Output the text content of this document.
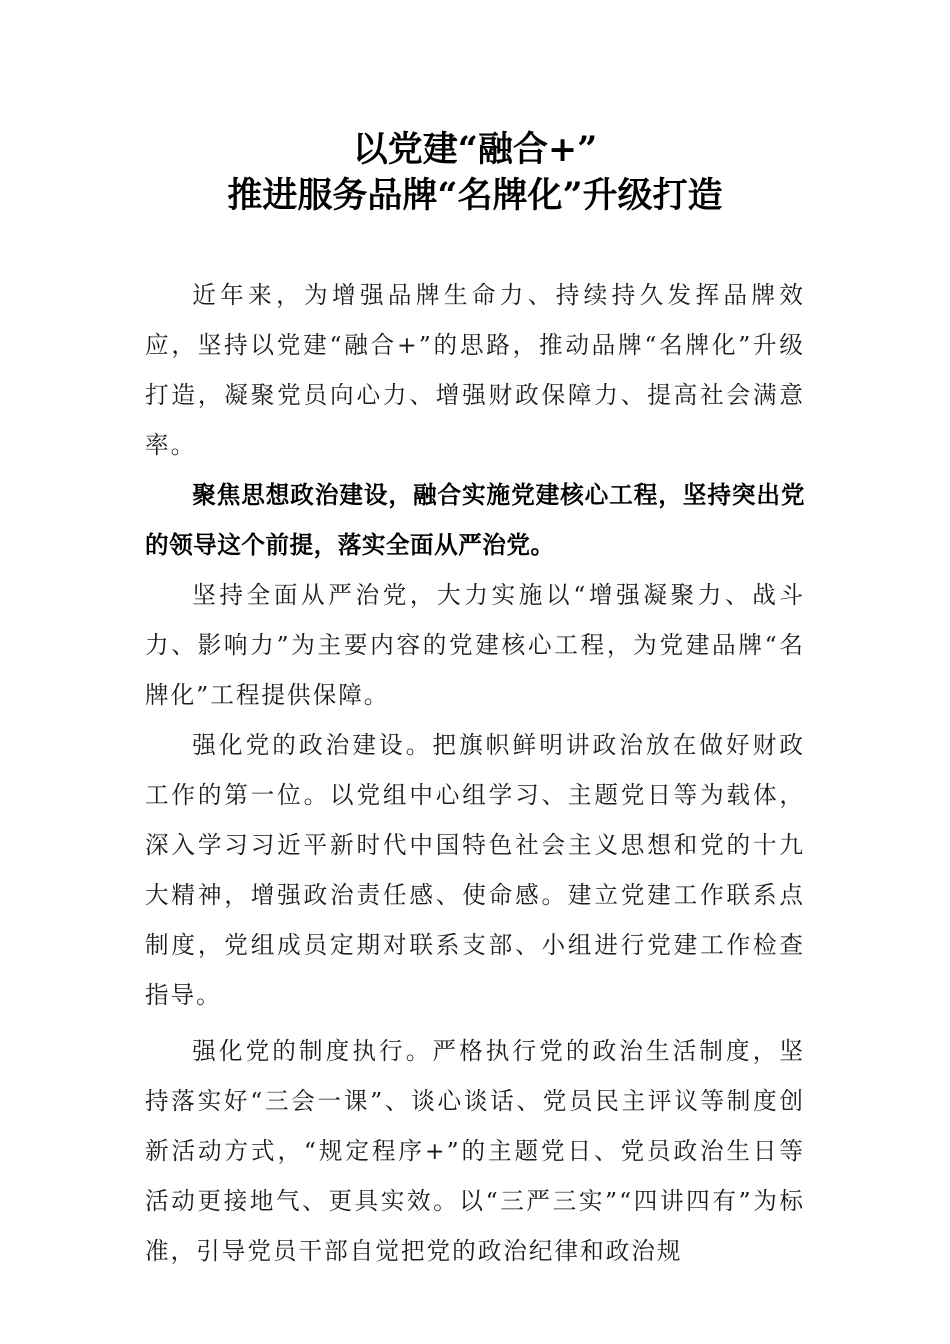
以党建“融合+”
推进服务品牌“名牌化”升级打造

近年来，为增强品牌生命力、持续持久发挥品牌效应，坚持以党建“融合+”的思路，推动品牌“名牌化”升级打造，凝聚党员向心力、增强财政保障力、提高社会满意率。

聚焦思想政治建设，融合实施党建核心工程，坚持突出党的领导这个前提，落实全面从严治党。

坚持全面从严治党，大力实施以“增强凝聚力、战斗力、影响力”为主要内容的党建核心工程，为党建品牌“名牌化”工程提供保障。

强化党的政治建设。把旗帜鲜明讲政治放在做好财政工作的第一位。以党组中心组学习、主题党日等为载体，深入学习习近平新时代中国特色社会主义思想和党的十九大精神，增强政治责任感、使命感。建立党建工作联系点制度，党组成员定期对联系支部、小组进行党建工作检查指导。

强化党的制度执行。严格执行党的政治生活制度，坚持落实好“三会一课”、谈心谈话、党员民主评议等制度创新活动方式，“规定程序+”的主题党日、党员政治生日等活动更接地气、更具实效。以“三严三实”“四讲四有”为标准，引导党员干部自觉把党的政治纪律和政治规
